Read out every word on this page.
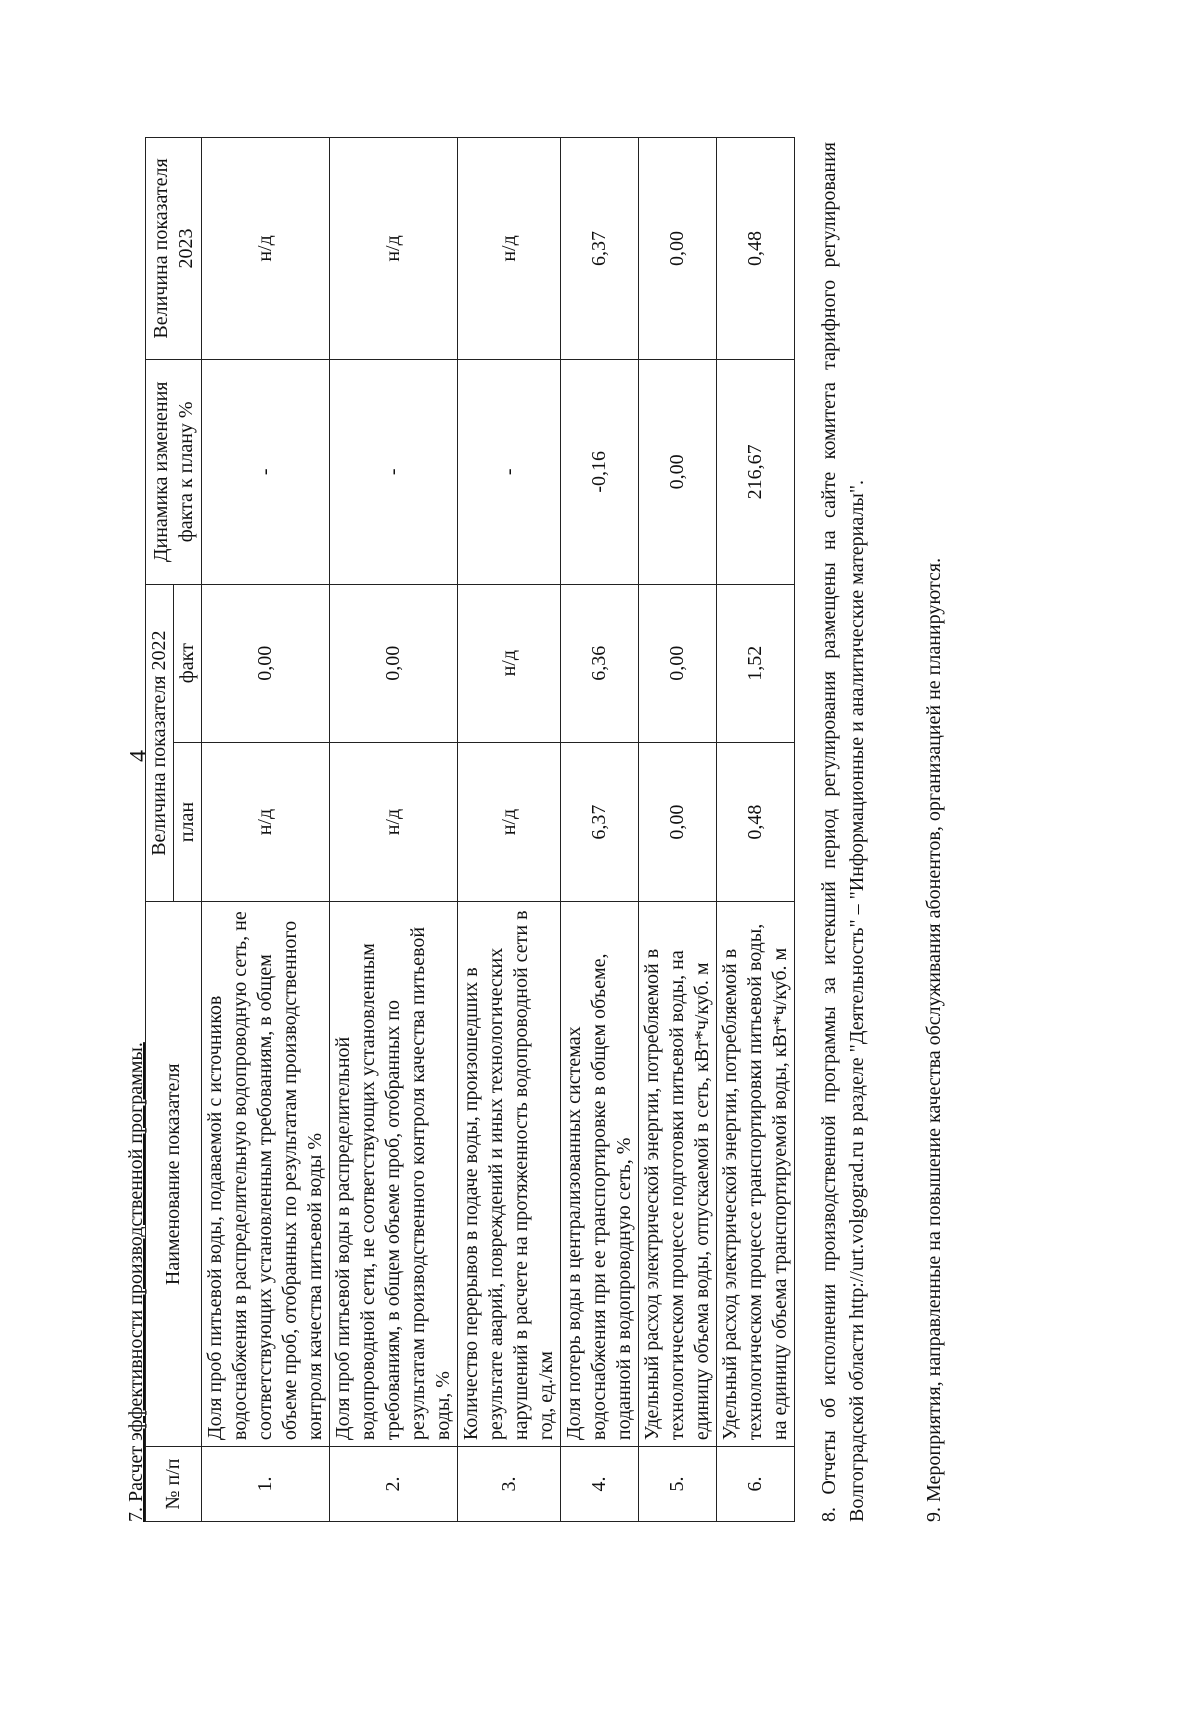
4
7. Расчет эффективности производственной программы. № п/п	Наименование показателя	Величина показателя 2022		Динамика изменения факта к плану %	Величина показателя 2023
		план	факт		
1.	Доля проб питьевой воды, подаваемой с источников водоснабжения в распределительную водопроводную сеть, не соответствующих установленным требованиям, в общем объеме проб, отобранных по результатам производственного контроля качества питьевой воды %	н/д	0,00	-	н/д
2.	Доля проб питьевой воды в распределительной водопроводной сети, не соответствующих установленным требованиям, в общем объеме проб, отобранных по результатам производственного контроля качества питьевой воды, %	н/д	0,00	-	н/д
3.	Количество перерывов в подаче воды, произошедших в результате аварий, повреждений и иных технологических нарушений в расчете на протяженность водопроводной сети в год, ед./км	н/д	н/д	-	н/д
4.	Доля потерь воды в централизованных системах водоснабжения при ее транспортировке в общем объеме, поданной в водопроводную сеть, %	6,37	6,36	-0,16	6,37
5.	Удельный расход электрической энергии, потребляемой в технологическом процессе подготовки питьевой воды, на единицу объема воды, отпускаемой в сеть, кВт*ч/куб. м	0,00	0,00	0,00	0,00
6.	Удельный расход электрической энергии, потребляемой в технологическом процессе транспортировки питьевой воды, на единицу объема транспортируемой воды, кВт*ч/куб. м	0,48	1,52	216,67	0,48	8. Отчеты об исполнении производственной программы за истекший период регулирования размещены на сайте комитета тарифного регулирования Волгоградской области http://urt.volgograd.ru в разделе "Деятельность" – "Информационные и аналитические материалы".	9. Мероприятия, направленные на повышение качества обслуживания абонентов, организацией не планируются.
